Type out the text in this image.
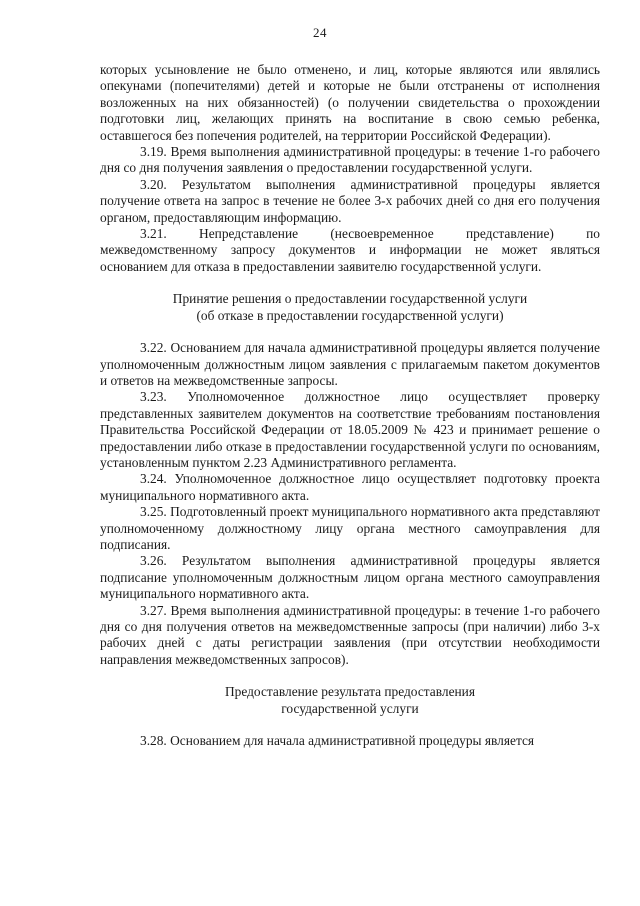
24

которых усыновление не было отменено, и лиц, которые являются или являлись опекунами (попечителями) детей и которые не были отстранены от исполнения возложенных на них обязанностей) (о получении свидетельства о прохождении подготовки лиц, желающих принять на воспитание в свою семью ребенка, оставшегося без попечения родителей, на территории Российской Федерации).

3.19. Время выполнения административной процедуры: в течение 1-го рабочего дня со дня получения заявления о предоставлении государственной услуги.

3.20. Результатом выполнения административной процедуры является получение ответа на запрос в течение не более 3-х рабочих дней со дня его получения органом, предоставляющим информацию.

3.21. Непредставление (несвоевременное представление) по межведомственному запросу документов и информации не может являться основанием для отказа в предоставлении заявителю государственной услуги.

Принятие решения о предоставлении государственной услуги

(об отказе в предоставлении государственной услуги)

3.22. Основанием для начала административной процедуры является получение уполномоченным должностным лицом заявления с прилагаемым пакетом документов и ответов на межведомственные запросы.

3.23. Уполномоченное должностное лицо осуществляет проверку представленных заявителем документов на соответствие требованиям постановления Правительства Российской Федерации от 18.05.2009 № 423 и принимает решение о предоставлении либо отказе в предоставлении государственной услуги по основаниям, установленным пунктом 2.23 Административного регламента.

3.24. Уполномоченное должностное лицо осуществляет подготовку проекта муниципального нормативного акта.

3.25. Подготовленный проект муниципального нормативного акта представляют уполномоченному должностному лицу органа местного самоуправления для подписания.

3.26. Результатом выполнения административной процедуры является подписание уполномоченным должностным лицом органа местного самоуправления муниципального нормативного акта.

3.27. Время выполнения административной процедуры: в течение 1-го рабочего дня со дня получения ответов на межведомственные запросы (при наличии) либо 3-х рабочих дней с даты регистрации заявления (при отсутствии необходимости направления межведомственных запросов).

Предоставление результата предоставления

государственной услуги

3.28. Основанием для начала административной процедуры является
